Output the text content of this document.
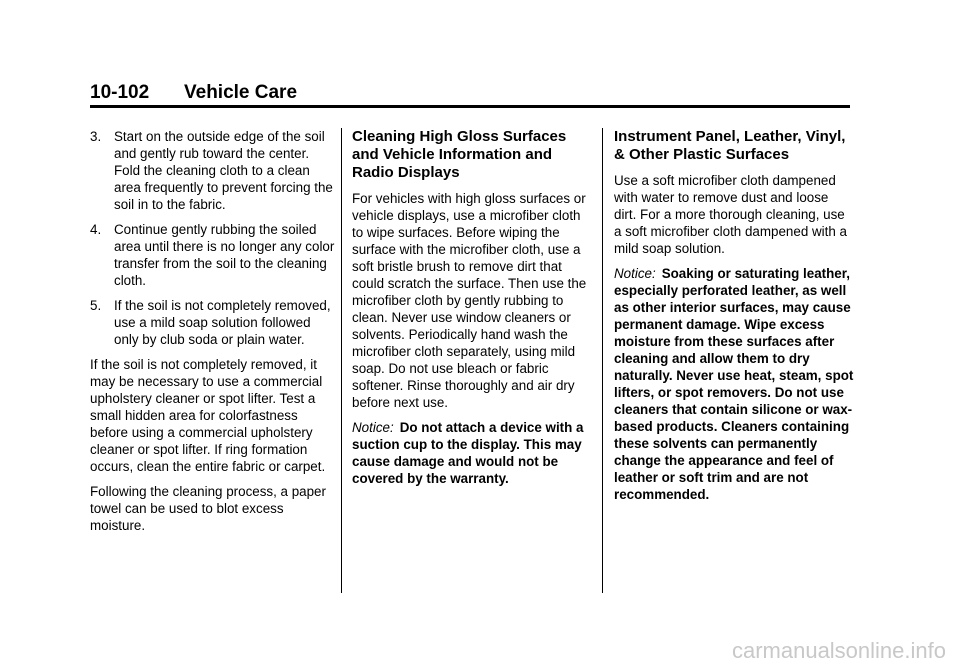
10-102 Vehicle Care
3. Start on the outside edge of the soil and gently rub toward the center. Fold the cleaning cloth to a clean area frequently to prevent forcing the soil in to the fabric.
4. Continue gently rubbing the soiled area until there is no longer any color transfer from the soil to the cleaning cloth.
5. If the soil is not completely removed, use a mild soap solution followed only by club soda or plain water.

If the soil is not completely removed, it may be necessary to use a commercial upholstery cleaner or spot lifter. Test a small hidden area for colorfastness before using a commercial upholstery cleaner or spot lifter. If ring formation occurs, clean the entire fabric or carpet.

Following the cleaning process, a paper towel can be used to blot excess moisture.

Cleaning High Gloss Surfaces and Vehicle Information and Radio Displays

For vehicles with high gloss surfaces or vehicle displays, use a microfiber cloth to wipe surfaces. Before wiping the surface with the microfiber cloth, use a soft bristle brush to remove dirt that could scratch the surface. Then use the microfiber cloth by gently rubbing to clean. Never use window cleaners or solvents. Periodically hand wash the microfiber cloth separately, using mild soap. Do not use bleach or fabric softener. Rinse thoroughly and air dry before next use.

Notice: Do not attach a device with a suction cup to the display. This may cause damage and would not be covered by the warranty.

Instrument Panel, Leather, Vinyl, & Other Plastic Surfaces

Use a soft microfiber cloth dampened with water to remove dust and loose dirt. For a more thorough cleaning, use a soft microfiber cloth dampened with a mild soap solution.

Notice: Soaking or saturating leather, especially perforated leather, as well as other interior surfaces, may cause permanent damage. Wipe excess moisture from these surfaces after cleaning and allow them to dry naturally. Never use heat, steam, spot lifters, or spot removers. Do not use cleaners that contain silicone or wax-based products. Cleaners containing these solvents can permanently change the appearance and feel of leather or soft trim and are not recommended.

carmanualsonline.info
